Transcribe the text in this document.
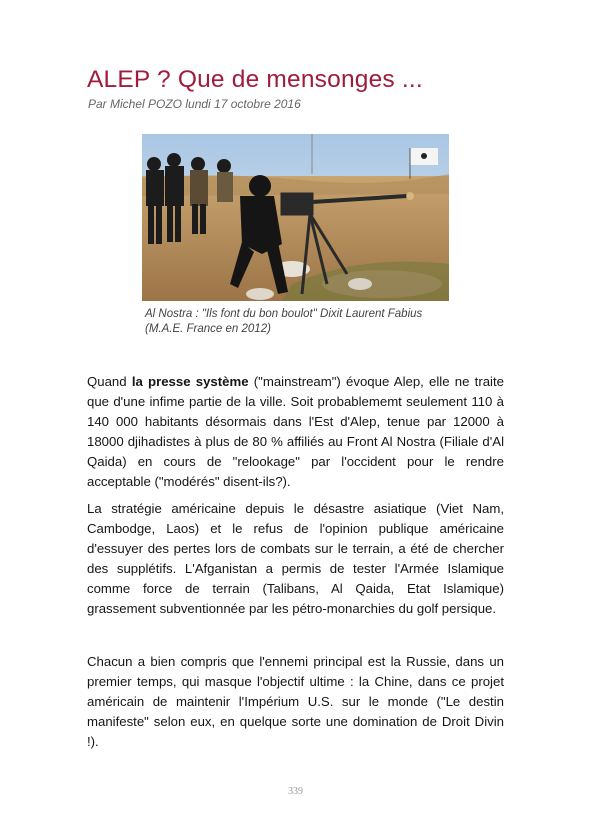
ALEP ? Que de mensonges ...
Par Michel POZO lundi 17 octobre 2016
Al Nostra : "Ils font du bon boulot" Dixit Laurent Fabius
(M.A.E. France en 2012)
Quand la presse système ("mainstream") évoque Alep, elle ne traite que d'une infime partie de la ville. Soit probablememt seulement 110 à 140 000 habitants désormais dans l'Est d'Alep, tenue par 12000 à 18000 djihadistes à plus de 80 % affiliés au Front Al Nostra (Filiale d'Al Qaida) en cours de "relookage" par l'occident pour le rendre acceptable ("modérés" disent-ils?).
La stratégie américaine depuis le désastre asiatique (Viet Nam, Cambodge, Laos) et le refus de l'opinion publique américaine d'essuyer des pertes lors de combats sur le terrain, a été de chercher des supplétifs. L'Afganistan a permis de tester l'Armée Islamique comme force de terrain (Talibans, Al Qaida, Etat Islamique) grassement subventionnée par les pétro-monarchies du golf persique.
Chacun a bien compris que l'ennemi principal est la Russie, dans un premier temps, qui masque l'objectif ultime : la Chine, dans ce projet américain de maintenir l'Impérium U.S. sur le monde ("Le destin manifeste" selon eux, en quelque sorte une domination de Droit Divin !).
339
